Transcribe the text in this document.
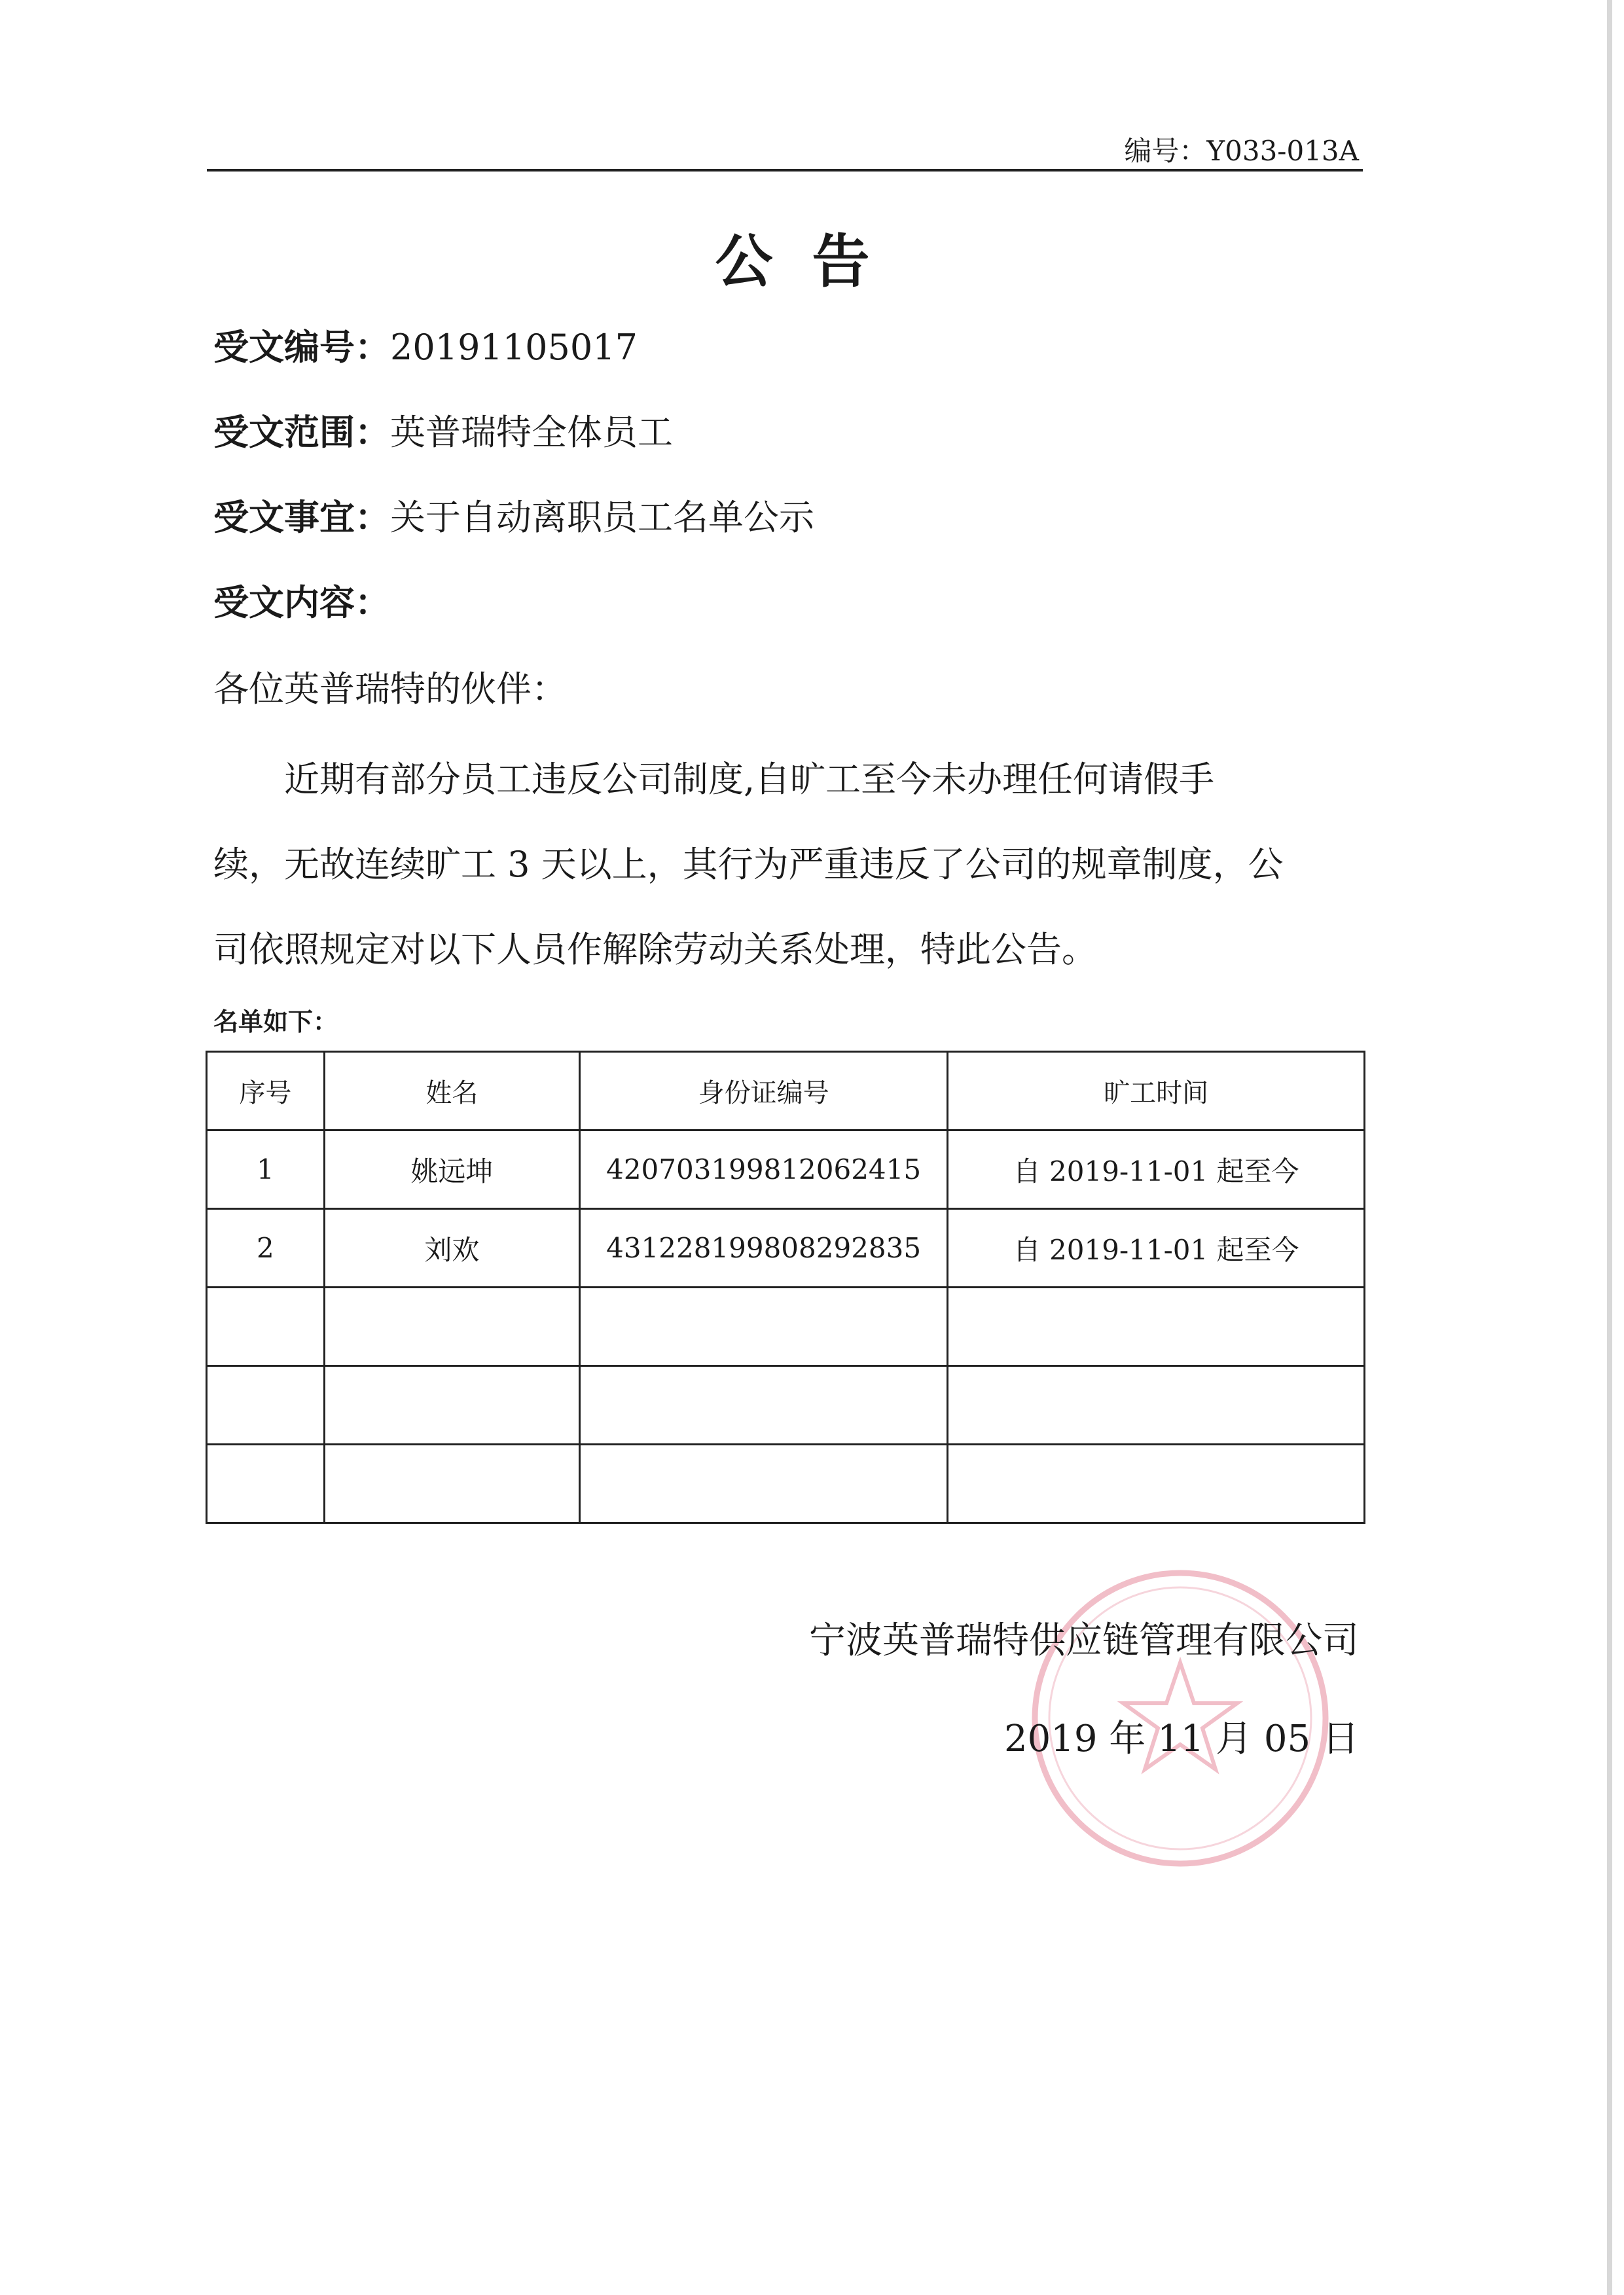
编号：Y033-013A
公告
受文编号：20191105017
受文范围：英普瑞特全体员工
受文事宜：关于自动离职员工名单公示
受文内容：
各位英普瑞特的伙伴：
近期有部分员工违反公司制度,自旷工至今未办理任何请假手
续，无故连续旷工 3 天以上，其行为严重违反了公司的规章制度，公
司依照规定对以下人员作解除劳动关系处理，特此公告。
名单如下：
序号	姓名	身份证编号	旷工时间
1	姚远坤	420703199812062415	自 2019-11-01 起至今
2	刘欢	431228199808292835	自 2019-11-01 起至今

宁波英普瑞特供应链管理有限公司
2019 年 11 月 05 日
